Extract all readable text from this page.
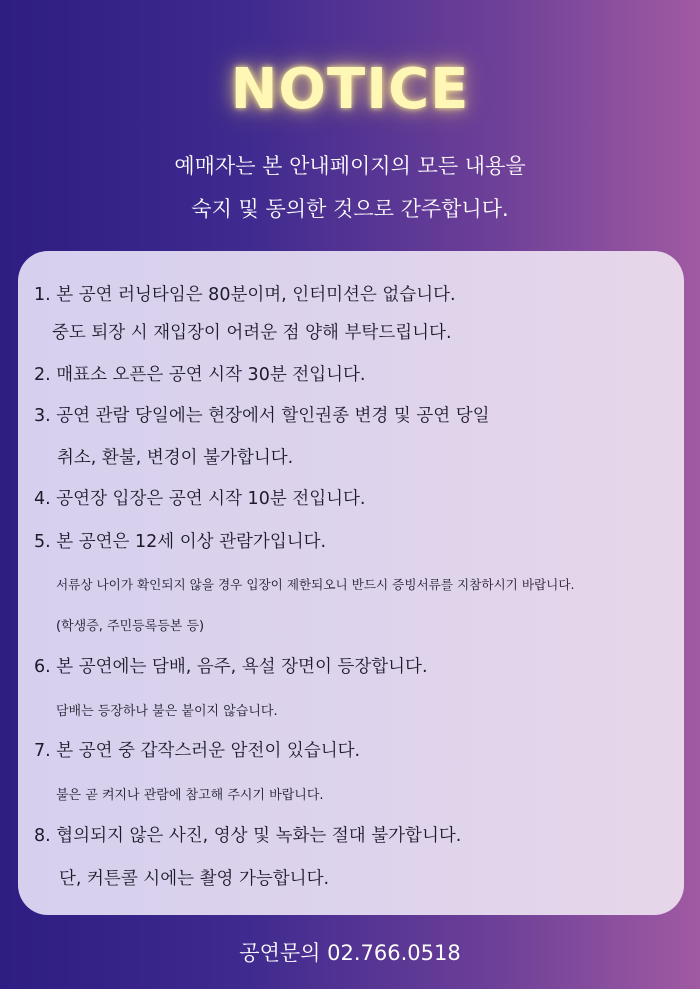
NOTICE
예매자는 본 안내페이지의 모든 내용을
숙지 및 동의한 것으로 간주합니다.
1. 본 공연 러닝타임은 80분이며, 인터미션은 없습니다.
중도 퇴장 시 재입장이 어려운 점 양해 부탁드립니다.
2. 매표소 오픈은 공연 시작 30분 전입니다.
3. 공연 관람 당일에는 현장에서 할인권종 변경 및 공연 당일
취소, 환불, 변경이 불가합니다.
4. 공연장 입장은 공연 시작 10분 전입니다.
5. 본 공연은 12세 이상 관람가입니다.
서류상 나이가 확인되지 않을 경우 입장이 제한되오니 반드시 증빙서류를 지참하시기 바랍니다.
(학생증, 주민등록등본 등)
6. 본 공연에는 담배, 음주, 욕설 장면이 등장합니다.
담배는 등장하나 불은 붙이지 않습니다.
7. 본 공연 중 갑작스러운 암전이 있습니다.
불은 곧 켜지나 관람에 참고해 주시기 바랍니다.
8. 협의되지 않은 사진, 영상 및 녹화는 절대 불가합니다.
단, 커튼콜 시에는 촬영 가능합니다.
공연문의 02.766.0518
